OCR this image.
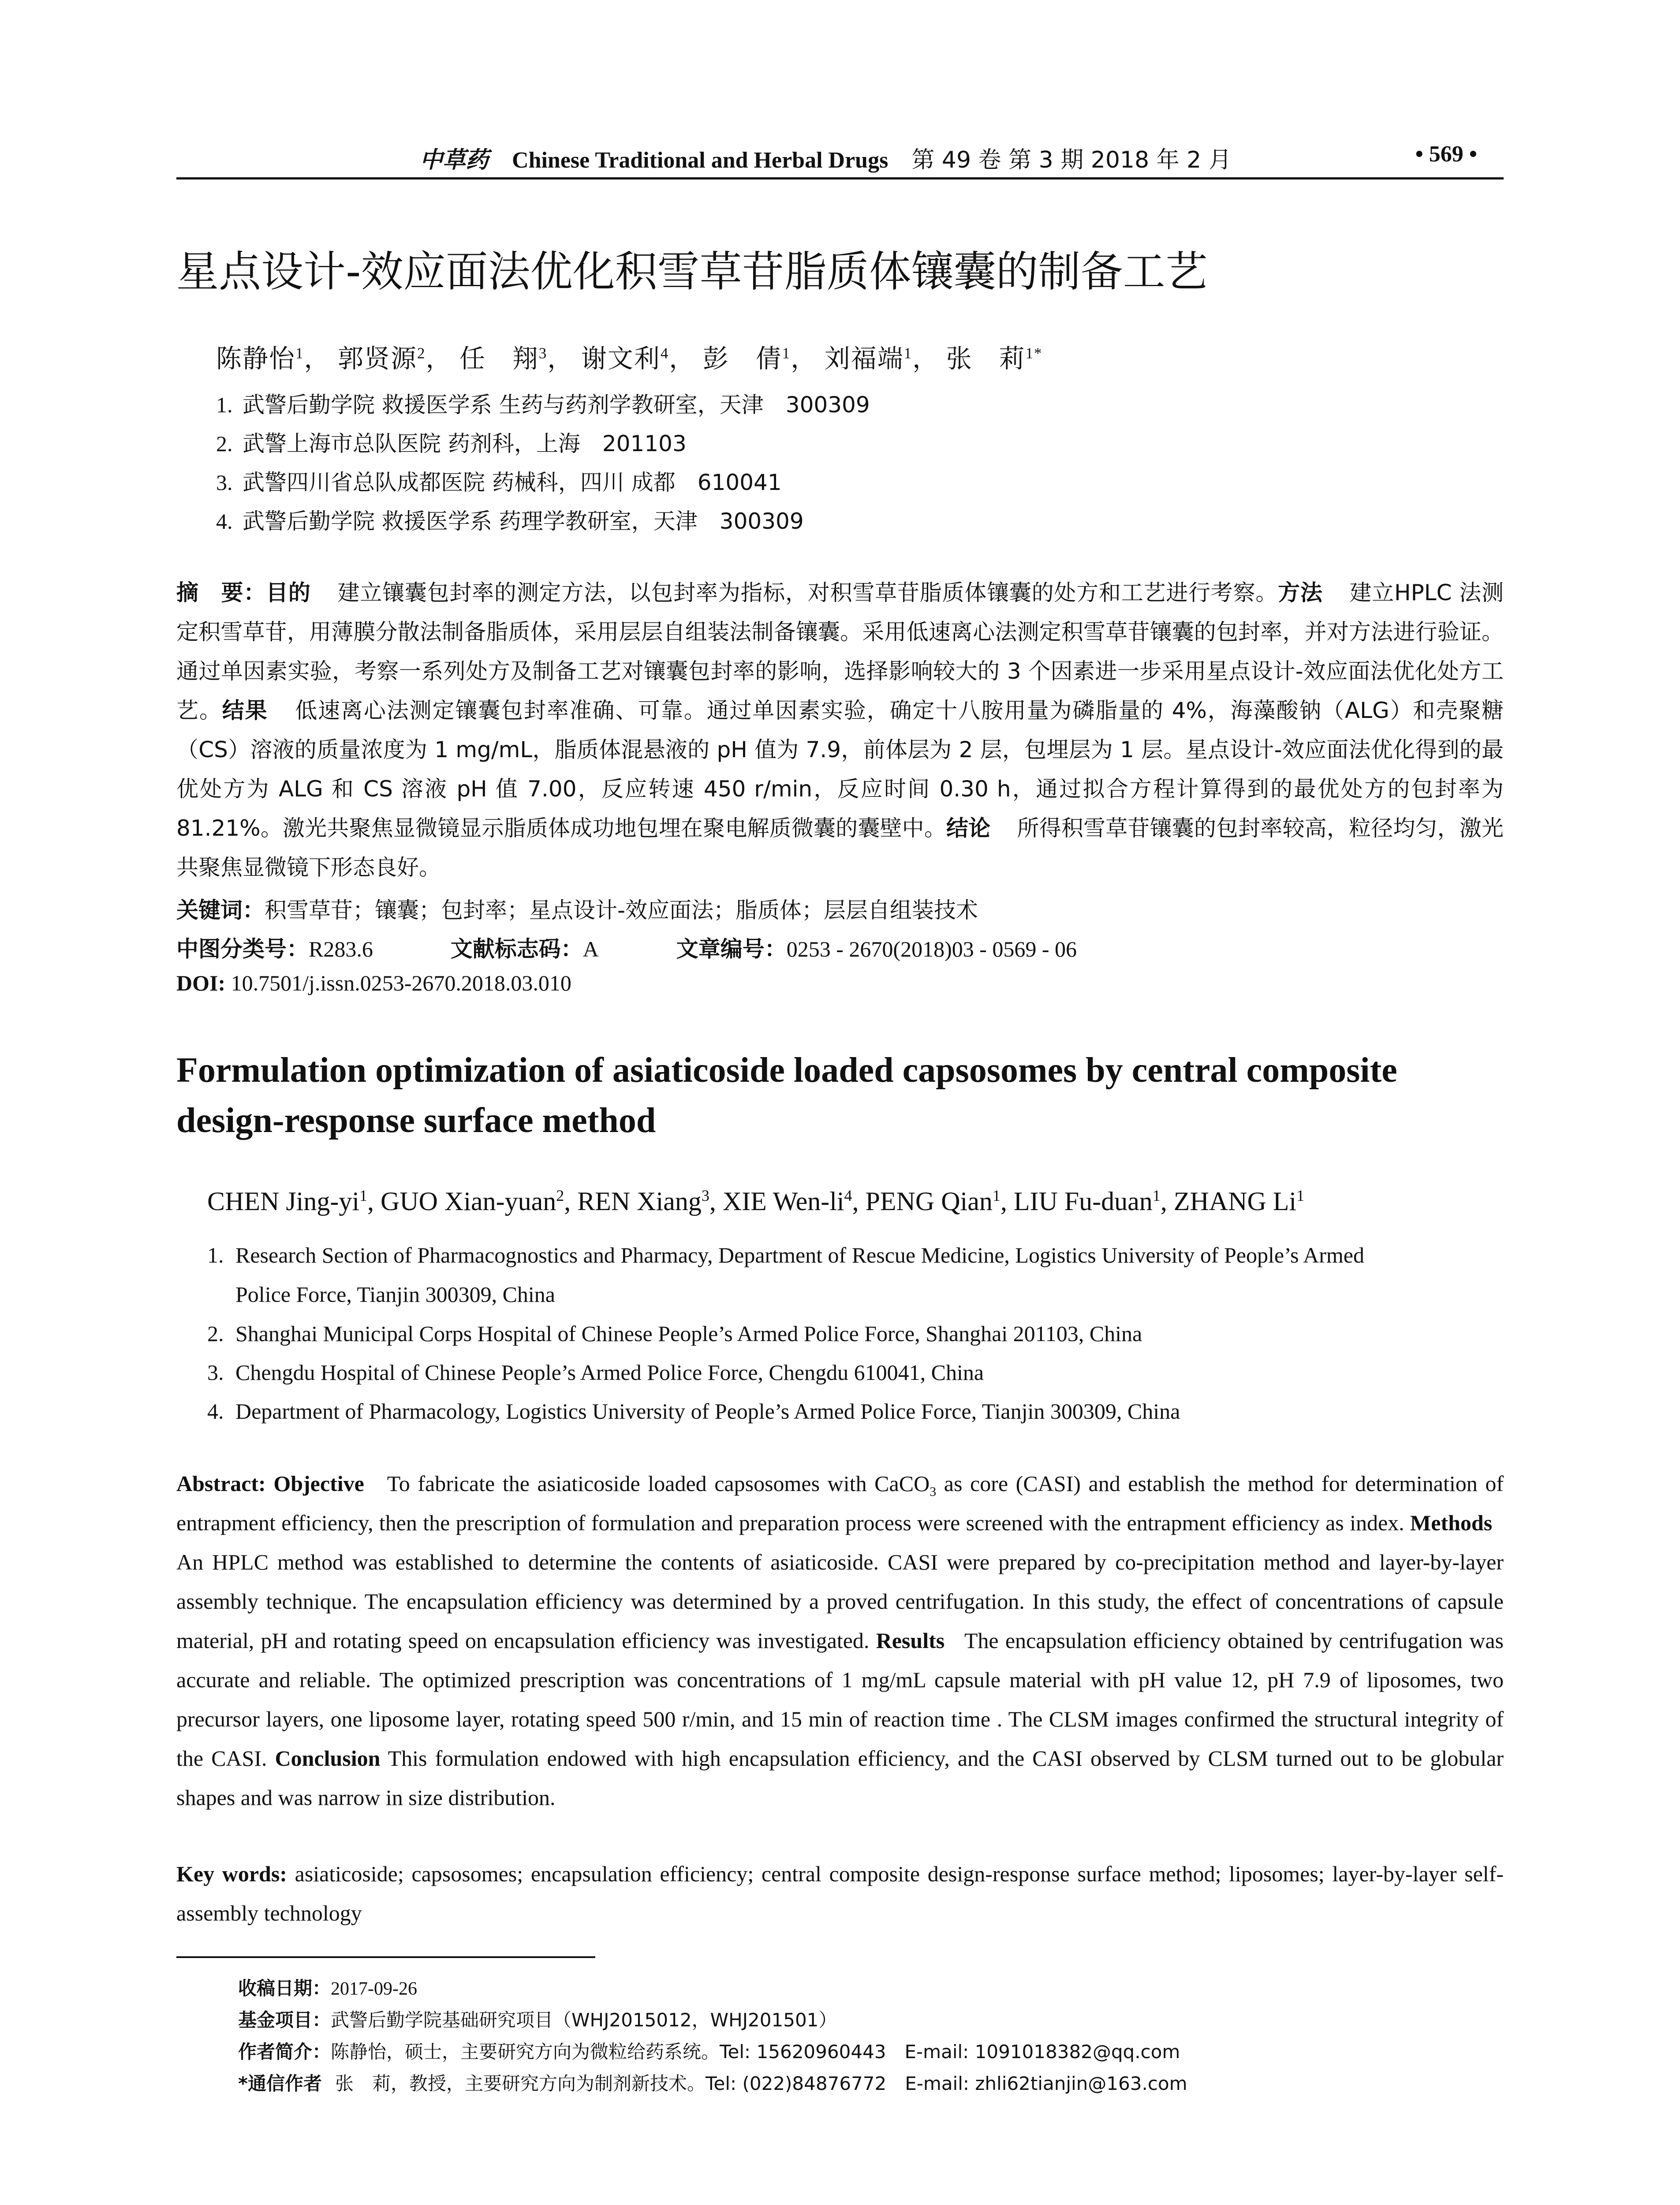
中草药 Chinese Traditional and Herbal Drugs 第 49 卷 第 3 期 2018 年 2 月	• 569 •
星点设计-效应面法优化积雪草苷脂质体镶囊的制备工艺
陈静怡$^1$， 郭贤源$^2$， 任　翔$^3$， 谢文利$^4$， 彭　倩$^1$， 刘福端$^1$， 张　莉$^{1*}$
1. 武警后勤学院 救援医学系 生药与药剂学教研室，天津　300309
2. 武警上海市总队医院 药剂科，上海　201103
3. 武警四川省总队成都医院 药械科，四川 成都　610041
4. 武警后勤学院 救援医学系 药理学教研室，天津　300309
摘　要：目的 建立镶囊包封率的测定方法，以包封率为指标，对积雪草苷脂质体镶囊的处方和工艺进行考察。方法 建立HPLC 法测定积雪草苷，用薄膜分散法制备脂质体，采用层层自组装法制备镶囊。采用低速离心法测定积雪草苷镶囊的包封率，并对方法进行验证。通过单因素实验，考察一系列处方及制备工艺对镶囊包封率的影响，选择影响较大的 3 个因素进一步采用星点设计-效应面法优化处方工艺。结果 低速离心法测定镶囊包封率准确、可靠。通过单因素实验，确定十八胺用量为磷脂量的 4%，海藻酸钠（ALG）和壳聚糖（CS）溶液的质量浓度为 1 mg/mL，脂质体混悬液的 pH 值为 7.9，前体层为 2 层，包埋层为 1 层。星点设计-效应面法优化得到的最优处方为 ALG 和 CS 溶液 pH 值 7.00，反应转速 450 r/min，反应时间 0.30 h，通过拟合方程计算得到的最优处方的包封率为 81.21%。激光共聚焦显微镜显示脂质体成功地包埋在聚电解质微囊的囊壁中。结论 所得积雪草苷镶囊的包封率较高，粒径均匀，激光共聚焦显微镜下形态良好。
关键词：积雪草苷；镶囊；包封率；星点设计-效应面法；脂质体；层层自组装技术
中图分类号：R283.6	文献标志码：A	文章编号：0253 - 2670(2018)03 - 0569 - 06
DOI: 10.7501/j.issn.0253-2670.2018.03.010
Formulation optimization of asiaticoside loaded capsosomes by central composite design-response surface method
CHEN Jing-$yi^1$, GUO Xian-yuan$^2$, REN Xiang$^3$, XIE Wen-$li^4$, PENG Qian$^1$, LIU Fu-duan$^1$, ZHANG Li$^1$
1. Research Section of Pharmacognostics and Pharmacy, Department of Rescue Medicine, Logistics University of People’s Armed
Police Force, Tianjin 300309, China
2. Shanghai Municipal Corps Hospital of Chinese People’s Armed Police Force, Shanghai 201103, China
3. Chengdu Hospital of Chinese People’s Armed Police Force, Chengdu 610041, China
4. Department of Pharmacology, Logistics University of People’s Armed Police Force, Tianjin 300309, China
Abstract: Objective To fabricate the asiaticoside loaded capsosomes with CaCO$_3$ as core (CASI) and establish the method for determination of entrapment efficiency, then the prescription of formulation and preparation process were screened with the entrapment efficiency as index. Methods   An HPLC method was established to determine the contents of asiaticoside. CASI were prepared by co-precipitation method and layer-by-layer assembly technique. The encapsulation efficiency was determined by a proved centrifugation. In this study, the effect of concentrations of capsule material, pH and rotating speed on encapsulation efficiency was investigated. Results The encapsulation efficiency obtained by centrifugation was accurate and reliable. The optimized prescription was concentrations of 1 mg/mL capsule material with pH value 12, pH 7.9 of liposomes, two precursor layers, one liposome layer, rotating speed 500 r/min, and 15 min of reaction time . The CLSM images confirmed the structural integrity of the CASI. Conclusion This formulation endowed with high encapsulation efficiency, and the CASI observed by CLSM turned out to be globular shapes and was narrow in size distribution.
Key words: asiaticoside; capsosomes; encapsulation efficiency; central composite design-response surface method; liposomes; layer-by-layer self-assembly technology
收稿日期：2017-09-26
基金项目：武警后勤学院基础研究项目（WHJ2015012，WHJ201501）
作者简介：陈静怡，硕士，主要研究方向为微粒给药系统。Tel: 15620960443　E-mail: 1091018382@qq.com
*通信作者 张　莉，教授，主要研究方向为制剂新技术。Tel: (022)84876772　E-mail: zhli62tianjin@163.com
